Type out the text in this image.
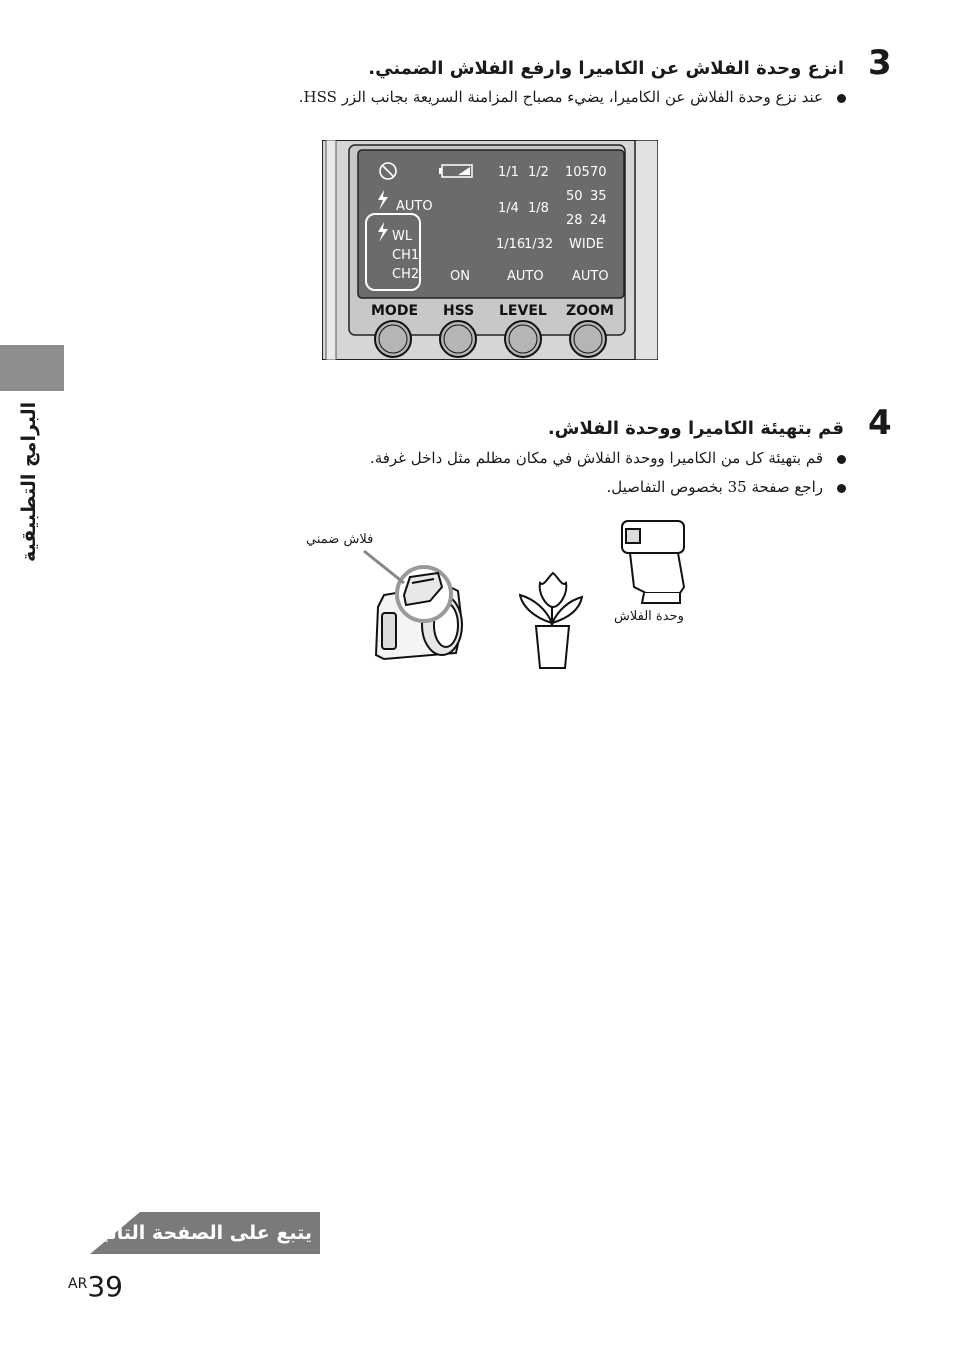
3
انزع وحدة الفلاش عن الكاميرا وارفع الفلاش الضمني.
عند نزع وحدة الفلاش عن الكاميرا، يضيء مصباح المزامنة السريعة بجانب الزر HSS.
AUTO
WL
CH1
CH2 ON
1/1 1/2
1/4 1/8
1/16
1/32
AUTO
105 70
50 35
28 24
WIDE
AUTO
MODE HSS LEVEL ZOOM
4
قم بتهيئة الكاميرا ووحدة الفلاش.
قم بتهيئة كل من الكاميرا ووحدة الفلاش في مكان مظلم مثل داخل غرفة.
راجع صفحة 35 بخصوص التفاصيل.
فلاش ضمني
وحدة الفلاش
البرامج التطبيقية
يتبع على الصفحة التالية
AR39
